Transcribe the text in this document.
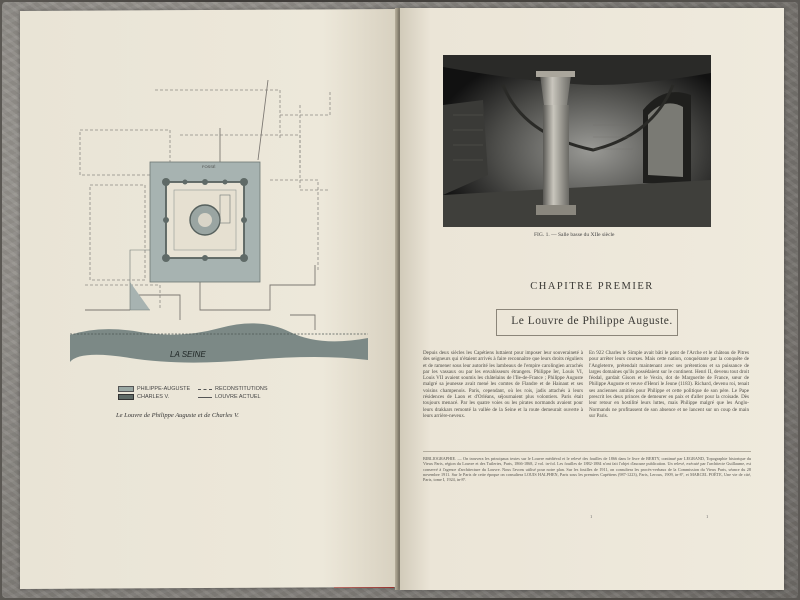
FOSSÉ
LA SEINE
PHILIPPE-AUGUSTE
CHARLES V.
RECONSTITUTIONS
LOUVRE ACTUEL
Le Louvre de Philippe Auguste et de Charles V.
FIG. 1. — Salle basse du XIIe siècle
CHAPITRE PREMIER
Le Louvre de Philippe Auguste.
Depuis deux siècles les Capétiens luttaient pour imposer leur souveraineté à des seigneurs qui n'étaient arrivés à faire reconnaître que leurs droits réguliers et de ramener sous leur autorité les lambeaux de l'empire carolingien arrachés par les vassaux ou par les envahisseurs étrangers. Philippe Ier, Louis VI, Louis VII avaient soumis les châtelains de l'Ile-de-France ; Philippe Auguste malgré sa jeunesse avait mené les comtes de Flandre et de Hainaut et ses voisins champenois. Paris, cependant, où les rois, jadis attachés à leurs résidences de Laon et d'Orléans, séjournaient plus volontiers. Paris était toujours menacé. Par les quatre voies ou les pirates normands avaient pour leurs drakkars remonté la vallée de la Seine et la route demeurait ouverte à leurs arrière-neveux.
En 922 Charles le Simple avait bâti le pont de l'Arche et le château de Pitres pour arrêter leurs courses. Mais cette nation, conquérante par la conquête de l'Angleterre, prétendait maintenant avec ses prétentions et sa puissance de larges domaines qu'ils possédaient sur le continent. Henri II, devenu tout droit féodal, gardait Gisors et le Vexin, dot de Marguerite de France, sœur de Philippe Auguste et veuve d'Henri le Jeune (1183). Richard, devenu roi, tenait ses anciennes amitiés pour Philippe et cette politique de son père. Le Pape prescrit les deux princes de demeurer en paix et d'aller pour la croisade. Dès leur retour en hostilité leurs luttes, mais Philippe malgré que les Anglo-Normands ne profitassent de son absence et ne lancent sur un coup de main sur Paris.
BIBLIOGRAPHIE. — On trouvera les principaux textes sur le Louvre médiéval et le relevé des fouilles de 1866 dans le livre de BERTY, continué par LEGRAND, Topographie historique du Vieux Paris, région du Louvre et des Tuileries, Paris, 1866-1868, 2 vol. in-fol. Les fouilles de 1882-1884 n'ont fait l'objet d'aucune publication. Un relevé, exécuté par l'architecte Guillaume, est conservé à l'agence d'architecture du Louvre. Nous l'avons utilisé pour notre plan. Sur les fouilles de 1911, on consultera les procès-verbaux de la Commission du Vieux Paris, séance du 28 novembre 1911. Sur le Paris de cette époque on consultera LOUIS HALPHEN, Paris sous les premiers Capétiens (987-1223), Paris, Leroux, 1909, in-8°, et MARCEL POËTE, Une vie de cité, Paris, tome I, 1924, in-8°.
1	1
